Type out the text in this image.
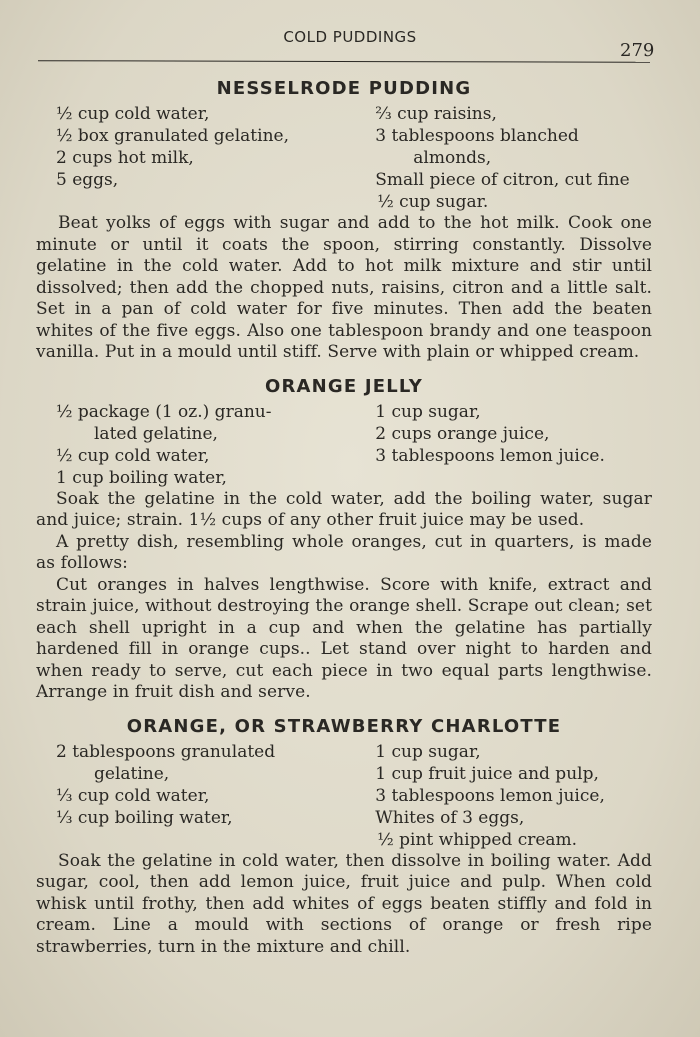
COLD PUDDINGS
279
NESSELRODE PUDDING
½ cup cold water,
½ box granulated gelatine,
2 cups hot milk,
5 eggs,
⅔ cup raisins,
3 tablespoons blanched
almonds,
Small piece of citron, cut fine
½ cup sugar.

Beat yolks of eggs with sugar and add to the hot milk. Cook one minute or until it coats the spoon, stirring constantly. Dissolve gelatine in the cold water. Add to hot milk mixture and stir until dissolved; then add the chopped nuts, raisins, citron and a little salt. Set in a pan of cold water for five minutes. Then add the beaten whites of the five eggs. Also one tablespoon brandy and one teaspoon vanilla. Put in a mould until stiff. Serve with plain or whipped cream.

ORANGE JELLY
½ package (1 oz.) granu-
lated gelatine,
½ cup cold water,
1 cup boiling water,
1 cup sugar,
2 cups orange juice,
3 tablespoons lemon juice.

Soak the gelatine in the cold water, add the boiling water, sugar and juice; strain. 1½ cups of any other fruit juice may be used.

A pretty dish, resembling whole oranges, cut in quarters, is made as follows:

Cut oranges in halves lengthwise. Score with knife, extract and strain juice, without destroying the orange shell. Scrape out clean; set each shell upright in a cup and when the gelatine has partially hardened fill in orange cups.. Let stand over night to harden and when ready to serve, cut each piece in two equal parts lengthwise. Arrange in fruit dish and serve.

ORANGE, OR STRAWBERRY CHARLOTTE
2 tablespoons granulated
gelatine,
⅓ cup cold water,
⅓ cup boiling water,
1 cup sugar,
1 cup fruit juice and pulp,
3 tablespoons lemon juice,
Whites of 3 eggs,
½ pint whipped cream.

Soak the gelatine in cold water, then dissolve in boiling water. Add sugar, cool, then add lemon juice, fruit juice and pulp. When cold whisk until frothy, then add whites of eggs beaten stiffly and fold in cream. Line a mould with sections of orange or fresh ripe strawberries, turn in the mixture and chill.
